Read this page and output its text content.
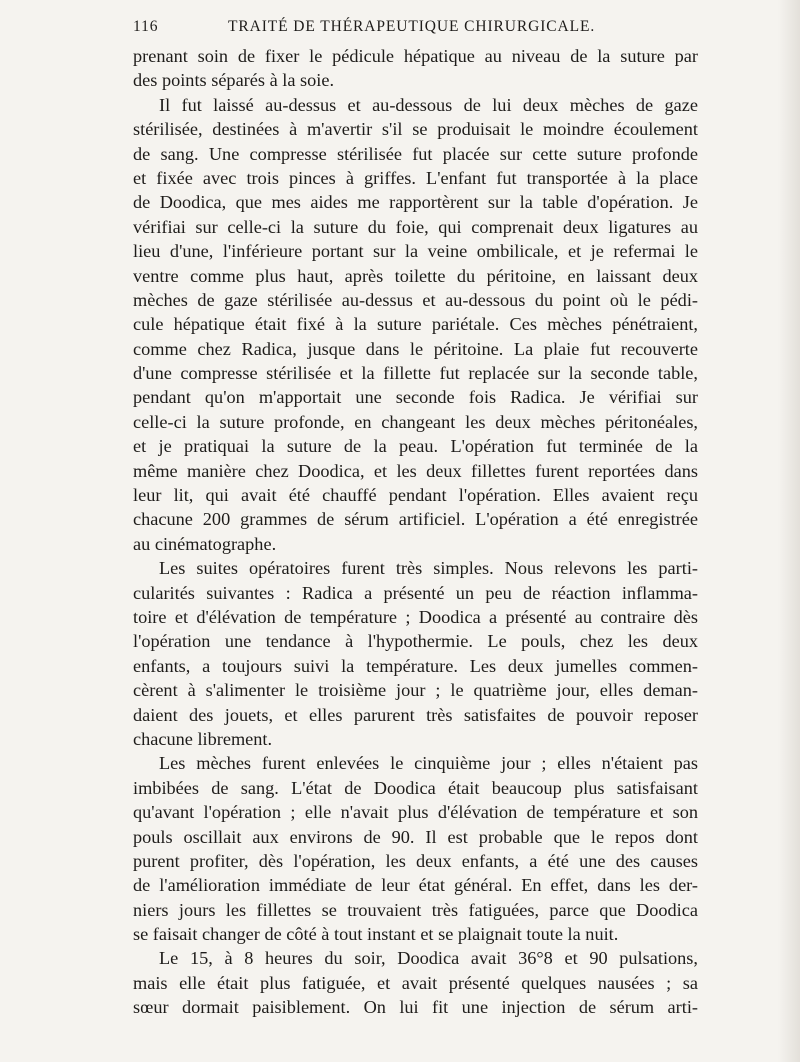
116	TRAITÉ DE THÉRAPEUTIQUE CHIRURGICALE.
prenant soin de fixer le pédicule hépatique au niveau de la suture par
des points séparés à la soie.
Il fut laissé au-dessus et au-dessous de lui deux mèches de gaze
stérilisée, destinées à m'avertir s'il se produisait le moindre écoulement
de sang. Une compresse stérilisée fut placée sur cette suture profonde
et fixée avec trois pinces à griffes. L'enfant fut transportée à la place
de Doodica, que mes aides me rapportèrent sur la table d'opération. Je
vérifiai sur celle-ci la suture du foie, qui comprenait deux ligatures au
lieu d'une, l'inférieure portant sur la veine ombilicale, et je refermai le
ventre comme plus haut, après toilette du péritoine, en laissant deux
mèches de gaze stérilisée au-dessus et au-dessous du point où le pédi-
cule hépatique était fixé à la suture pariétale. Ces mèches pénétraient,
comme chez Radica, jusque dans le péritoine. La plaie fut recouverte
d'une compresse stérilisée et la fillette fut replacée sur la seconde table,
pendant qu'on m'apportait une seconde fois Radica. Je vérifiai sur
celle-ci la suture profonde, en changeant les deux mèches péritonéales,
et je pratiquai la suture de la peau. L'opération fut terminée de la
même manière chez Doodica, et les deux fillettes furent reportées dans
leur lit, qui avait été chauffé pendant l'opération. Elles avaient reçu
chacune 200 grammes de sérum artificiel. L'opération a été enregistrée
au cinématographe.
Les suites opératoires furent très simples. Nous relevons les parti-
cularités suivantes : Radica a présenté un peu de réaction inflamma-
toire et d'élévation de température ; Doodica a présenté au contraire dès
l'opération une tendance à l'hypothermie. Le pouls, chez les deux
enfants, a toujours suivi la température. Les deux jumelles commen-
cèrent à s'alimenter le troisième jour ; le quatrième jour, elles deman-
daient des jouets, et elles parurent très satisfaites de pouvoir reposer
chacune librement.
Les mèches furent enlevées le cinquième jour ; elles n'étaient pas
imbibées de sang. L'état de Doodica était beaucoup plus satisfaisant
qu'avant l'opération ; elle n'avait plus d'élévation de température et son
pouls oscillait aux environs de 90. Il est probable que le repos dont
purent profiter, dès l'opération, les deux enfants, a été une des causes
de l'amélioration immédiate de leur état général. En effet, dans les der-
niers jours les fillettes se trouvaient très fatiguées, parce que Doodica
se faisait changer de côté à tout instant et se plaignait toute la nuit.
Le 15, à 8 heures du soir, Doodica avait 36°8 et 90 pulsations,
mais elle était plus fatiguée, et avait présenté quelques nausées ; sa
sœur dormait paisiblement. On lui fit une injection de sérum arti-
